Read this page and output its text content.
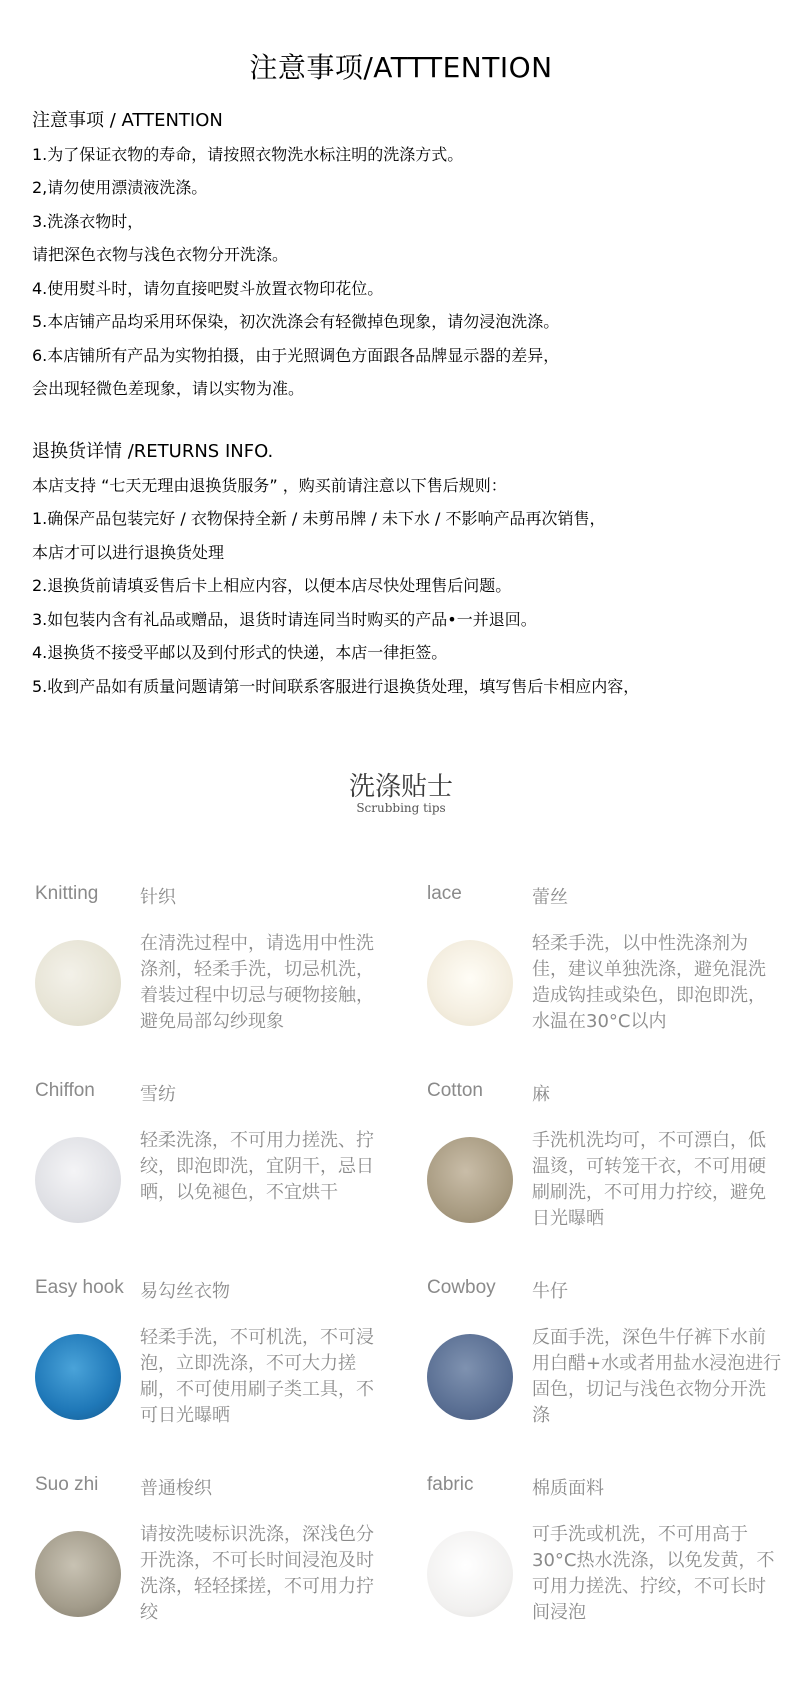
注意事项/ATTTENTION
注意事项 / ATTENTION
1.为了保证衣物的寿命，请按照衣物洗水标注明的洗涤方式。
2,请勿使用漂渍液洗涤。
3.洗涤衣物时，
请把深色衣物与浅色衣物分开洗涤。
4.使用熨斗时，请勿直接吧熨斗放置衣物印花位。
5.本店铺产品均采用环保染，初次洗涤会有轻微掉色现象，请勿浸泡洗涤。
6.本店铺所有产品为实物拍摄，由于光照调色方面跟各品牌显示器的差异，
会出现轻微色差现象，请以实物为准。
退换货详情 /RETURNS INFO.
本店支持 “七天无理由退换货服务” ，购买前请注意以下售后规则：
1.确保产品包装完好 / 衣物保持全新 / 未剪吊牌 / 未下水 / 不影响产品再次销售，
本店才可以进行退换货处理
2.退换货前请填妥售后卡上相应内容，以便本店尽快处理售后问题。
3.如包装内含有礼品或赠品，退货时请连同当时购买的产品•一并退回。
4.退换货不接受平邮以及到付形式的快递，本店一律拒签。
5.收到产品如有质量问题请第一时间联系客服进行退换货处理，填写售后卡相应内容，
洗涤贴士
Scrubbing tips
Knitting 针织
在清洗过程中，请选用中性洗涤剂，轻柔手洗，切忌机洗，着装过程中切忌与硬物接触，避免局部勾纱现象
lace	蕾丝
轻柔手洗，以中性洗涤剂为佳，建议单独洗涤，避免混洗造成钩挂或染色，即泡即洗，水温在30°C以内
Chiffon	雪纺
轻柔洗涤，不可用力搓洗、拧绞，即泡即洗，宜阴干，忌日晒，以免褪色，不宜烘干
Cotton	麻
手洗机洗均可，不可漂白，低温烫，可转笼干衣，不可用硬刷刷洗，不可用力拧绞，避免日光曝晒
Easy hook 易勾丝衣物
轻柔手洗，不可机洗，不可浸泡，立即洗涤，不可大力搓刷，不可使用刷子类工具，不可日光曝晒
Cowboy 牛仔
反面手洗，深色牛仔裤下水前用白醋+水或者用盐水浸泡进行固色，切记与浅色衣物分开洗涤
Suo zhi 普通梭织
请按洗唛标识洗涤，深浅色分开洗涤，不可长时间浸泡及时洗涤，轻轻揉搓，不可用力拧绞
fabric	棉质面料
可手洗或机洗，不可用高于30°C热水洗涤，以免发黄，不可用力搓洗、拧绞，不可长时间浸泡
